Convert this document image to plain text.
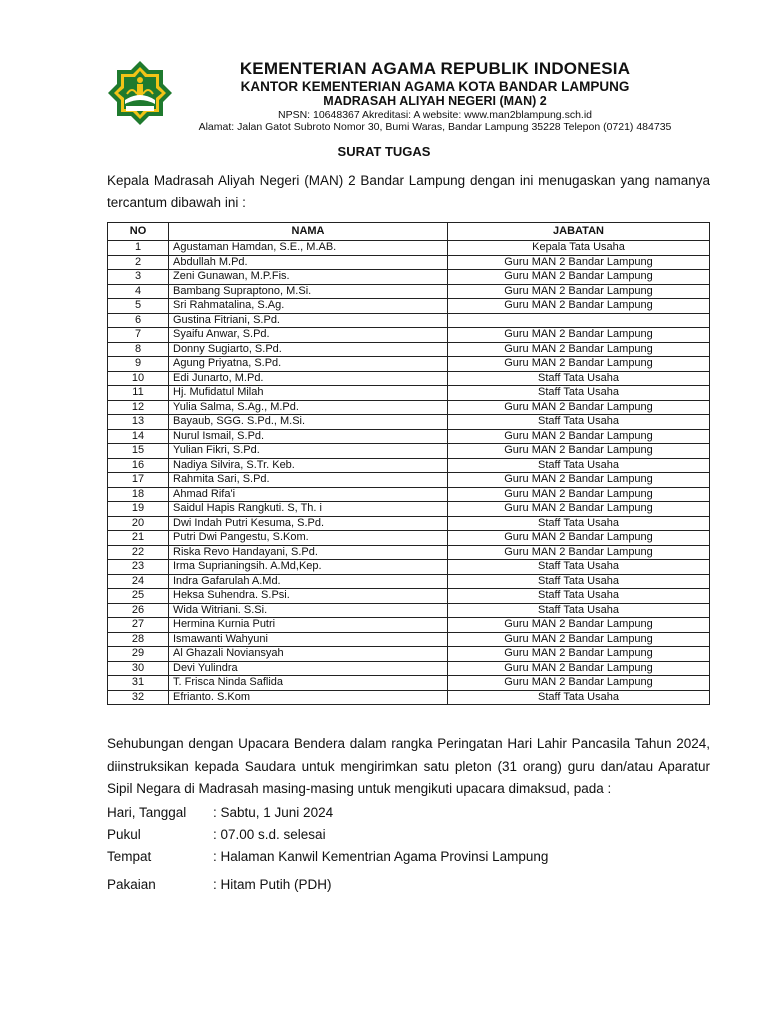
KEMENTERIAN AGAMA REPUBLIK INDONESIA
KANTOR KEMENTERIAN AGAMA KOTA BANDAR LAMPUNG
MADRASAH ALIYAH NEGERI (MAN) 2
NPSN: 10648367 Akreditasi: A website: www.man2blampung.sch.id
Alamat: Jalan Gatot Subroto Nomor 30, Bumi Waras, Bandar Lampung 35228 Telepon (0721) 484735
SURAT TUGAS
Kepala Madrasah Aliyah Negeri (MAN) 2 Bandar Lampung dengan ini menugaskan yang namanya tercantum dibawah ini :
NO	NAMA	JABATAN
1	Agustaman Hamdan, S.E., M.AB.	Kepala Tata Usaha
2	Abdullah M.Pd.	Guru MAN 2 Bandar Lampung
3	Zeni Gunawan, M.P.Fis.	Guru MAN 2 Bandar Lampung
4	Bambang Supraptono, M.Si.	Guru MAN 2 Bandar Lampung
5	Sri Rahmatalina, S.Ag.	Guru MAN 2 Bandar Lampung
6	Gustina Fitriani, S.Pd.	
7	Syaifu Anwar, S.Pd.	Guru MAN 2 Bandar Lampung
8	Donny Sugiarto, S.Pd.	Guru MAN 2 Bandar Lampung
9	Agung Priyatna, S.Pd.	Guru MAN 2 Bandar Lampung
10	Edi Junarto, M.Pd.	Staff Tata Usaha
11	Hj. Mufidatul Milah	Staff Tata Usaha
12	Yulia Salma, S.Ag., M.Pd.	Guru MAN 2 Bandar Lampung
13	Bayaub, SGG. S.Pd., M.Si.	Staff Tata Usaha
14	Nurul Ismail, S.Pd.	Guru MAN 2 Bandar Lampung
15	Yulian Fikri, S.Pd.	Guru MAN 2 Bandar Lampung
16	Nadiya Silvira, S.Tr. Keb.	Staff Tata Usaha
17	Rahmita Sari, S.Pd.	Guru MAN 2 Bandar Lampung
18	Ahmad Rifa'i	Guru MAN 2 Bandar Lampung
19	Saidul Hapis Rangkuti. S, Th. i	Guru MAN 2 Bandar Lampung
20	Dwi Indah Putri Kesuma, S.Pd.	Staff Tata Usaha
21	Putri Dwi Pangestu, S.Kom.	Guru MAN 2 Bandar Lampung
22	Riska Revo Handayani, S.Pd.	Guru MAN 2 Bandar Lampung
23	Irma Suprianingsih. A.Md,Kep.	Staff Tata Usaha
24	Indra Gafarulah A.Md.	Staff Tata Usaha
25	Heksa Suhendra. S.Psi.	Staff Tata Usaha
26	Wida Witriani. S.Si.	Staff Tata Usaha
27	Hermina Kurnia Putri	Guru MAN 2 Bandar Lampung
28	Ismawanti Wahyuni	Guru MAN 2 Bandar Lampung
29	Al Ghazali Noviansyah	Guru MAN 2 Bandar Lampung
30	Devi Yulindra	Guru MAN 2 Bandar Lampung
31	T. Frisca Ninda Saflida	Guru MAN 2 Bandar Lampung
32	Efrianto. S.Kom	Staff Tata Usaha
Sehubungan dengan Upacara Bendera dalam rangka Peringatan Hari Lahir Pancasila Tahun 2024, diinstruksikan kepada Saudara untuk mengirimkan satu pleton (31 orang) guru dan/atau Aparatur Sipil Negara di Madrasah masing-masing untuk mengikuti upacara dimaksud, pada :
Hari, Tanggal	: Sabtu, 1 Juni 2024
Pukul	: 07.00 s.d. selesai
Tempat	: Halaman Kanwil Kementrian Agama Provinsi Lampung
Pakaian	: Hitam Putih (PDH)
